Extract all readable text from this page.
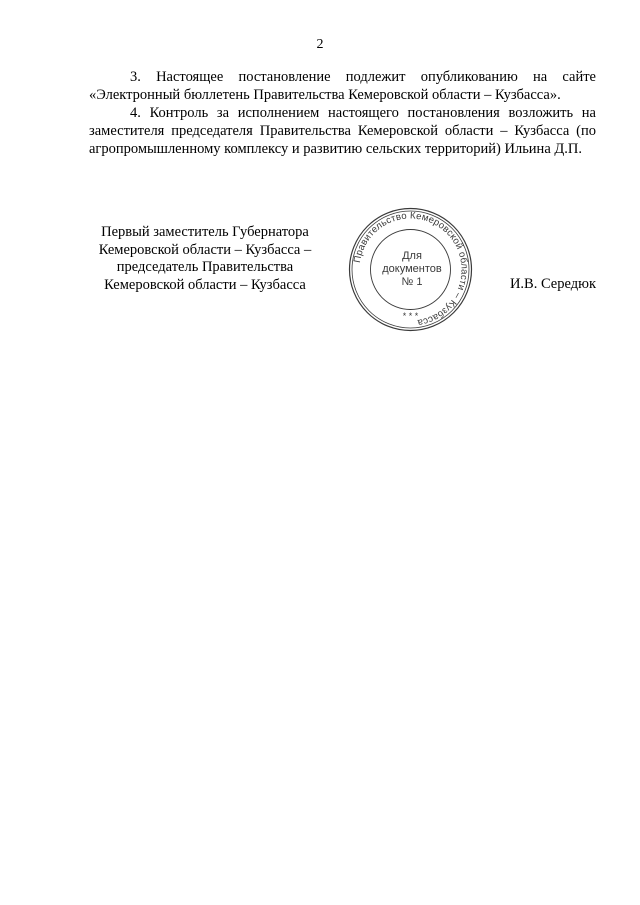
2

3. Настоящее постановление подлежит опубликованию на сайте «Электронный бюллетень Правительства Кемеровской области – Кузбасса».

4. Контроль за исполнением настоящего постановления возложить на заместителя председателя Правительства Кемеровской области – Кузбасса (по агропромышленному комплексу и развитию сельских территорий) Ильина Д.П.

Первый заместитель Губернатора
Кемеровской области – Кузбасса –
председатель Правительства
Кемеровской области – Кузбасса
Правительство Кемеровской области – Кузбасса
* * *
Для
документов
№ 1	И.В. Середюк
